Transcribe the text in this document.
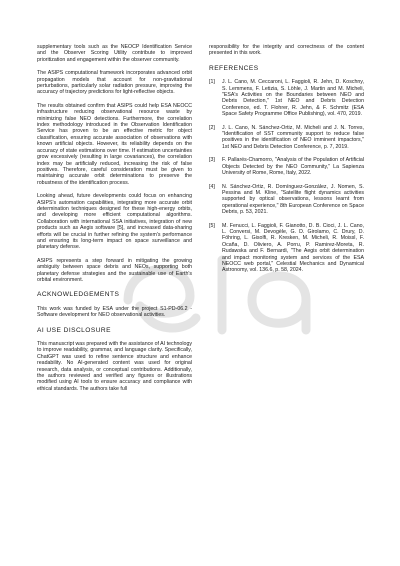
supplementary tools such as the NEOCP Identification Service and the Observer Scoring Utility contribute to improved prioritization and engagement within the observer community.

The ASIPS computational framework incorporates advanced orbit propagation models that account for non-gravitational perturbations, particularly solar radiation pressure, improving the accuracy of trajectory predictions for light-reflective objects.

The results obtained confirm that ASIPS could help ESA NEOCC infrastructure reducing observational resource waste by minimizing false NEO detections. Furthermore, the correlation index methodology introduced in the Observation Identification Service has proven to be an effective metric for object classification, ensuring accurate association of observations with known artificial objects. However, its reliability depends on the accuracy of state estimations over time. If estimation uncertainties grow excessively (resulting in large covariances), the correlation index may be artificially reduced, increasing the risk of false positives. Therefore, careful consideration must be given to maintaining accurate orbit determinations to preserve the robustness of the identification process.

Looking ahead, future developments could focus on enhancing ASIPS's automation capabilities, integrating more accurate orbit determination techniques designed for these high-energy orbits, and developing more efficient computational algorithms. Collaboration with international SSA initiatives, integration of new products such as Aegis software [5], and increased data-sharing efforts will be crucial in further refining the system's performance and ensuring its long-term impact on space surveillance and planetary defense.

ASIPS represents a step forward in mitigating the growing ambiguity between space debris and NEOs, supporting both planetary defense strategies and the sustainable use of Earth's orbital environment.

ACKNOWLEDGEMENTS

This work was funded by ESA under the project S1-PD-06.2 - Software development for NEO observational activities.

AI USE DISCLOSURE

This manuscript was prepared with the assistance of AI technology to improve readability, grammar, and language clarity. Specifically, ChatGPT was used to refine sentence structure and enhance readability. No AI-generated content was used for original research, data analysis, or conceptual contributions. Additionally, the authors reviewed and verified any figures or illustrations modified using AI tools to ensure accuracy and compliance with ethical standards. The authors take full

responsibility for the integrity and correctness of the content presented in this work.

REFERENCES
[1]	J. L. Cano, M. Ceccaroni, L. Faggioli, R. Jehn, D. Koschny, S. Lemmens, F. Letizia, S. Löhle, J. Martin and M. Micheli, "ESA's Activities on the Boundaries between NEO and Debris Detection," 1st NEO and Debris Detection Conference, ed. T. Flohrer, R. Jehn, & F. Schmitz (ESA Space Safety Programme Office Publishing), vol. 470, 2019.
[2]	J. L. Cano, N. Sánchez-Ortiz, M. Micheli and J. N. Torres, "Identification of SST community support to reduce false positives in the identification of NEO imminent impactors," 1st NEO and Debris Detection Conference, p. 7, 2019.
[3]	F. Pallarés-Chamorro, "Analysis of the Population of Artificial Objects Detected by the NEO Community," La Sapienza University of Rome, Rome, Italy, 2022.
[4]	N. Sánchez-Ortiz, R. Domínguez-González, J. Nomen, S. Pessina and M. Kline, "Satellite flight dynamics activities supported by optical observations, lessons learnt from operational experience," 8th European Conference on Space Debris, p. 53, 2021.
[5]	M. Fenucci, L. Faggioli, F. Gianotto, D. B. Cioci, J. L. Cano, L. Conversi, M. Devogèle, G. D. Girolamo, C. Drury, D. Föhring, L. Gisolfi, R. Kresken, M. Micheli, R. Moissl, F. Ocaña, D. Oliviero, A. Porru, P. Ramirez-Moreta, R. Rudawska and F. Bernardi, "The Aegis orbit determination and impact monitoring system and services of the ESA NEOCC web portal," Celestial Mechanics and Dynamical Astronomy, vol. 136.6, p. 58, 2024.
